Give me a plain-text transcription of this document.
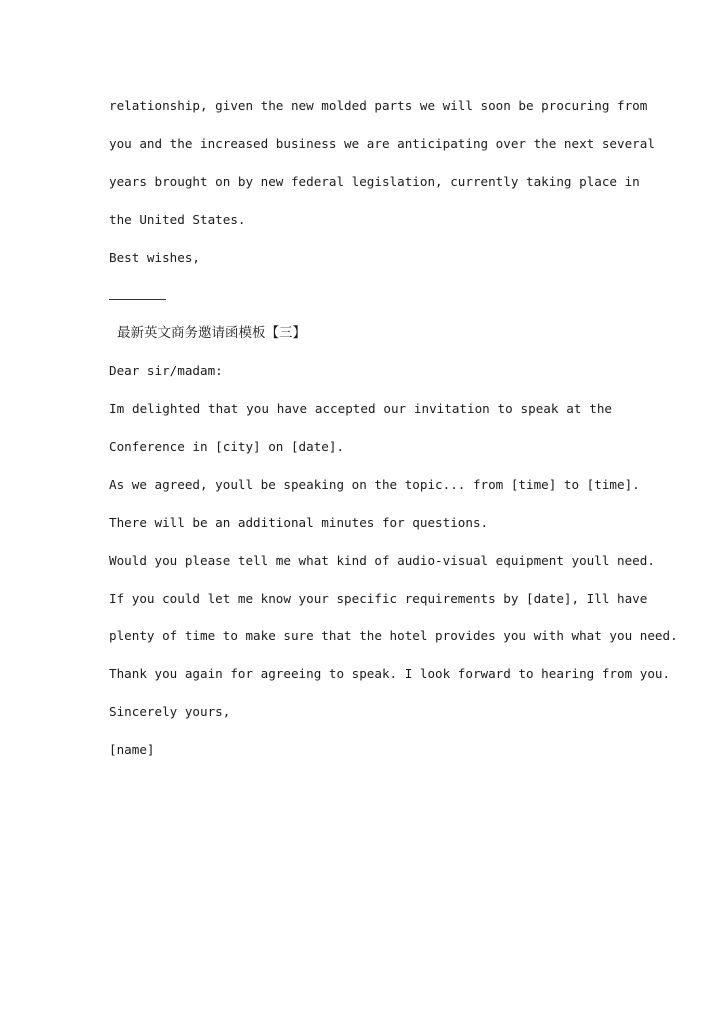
relationship, given the new molded parts we will soon be procuring from
you and the increased business we are anticipating over the next several
years brought on by new federal legislation, currently taking place in
the United States.
Best wishes,
最新英文商务邀请函模板【三】
Dear sir/madam:
Im delighted that you have accepted our invitation to speak at the
Conference in [city] on [date].
As we agreed, youll be speaking on the topic... from [time] to [time].
There will be an additional minutes for questions.
Would you please tell me what kind of audio-visual equipment youll need.
If you could let me know your specific requirements by [date], Ill have
plenty of time to make sure that the hotel provides you with what you need.
Thank you again for agreeing to speak. I look forward to hearing from you.
Sincerely yours,
[name]
